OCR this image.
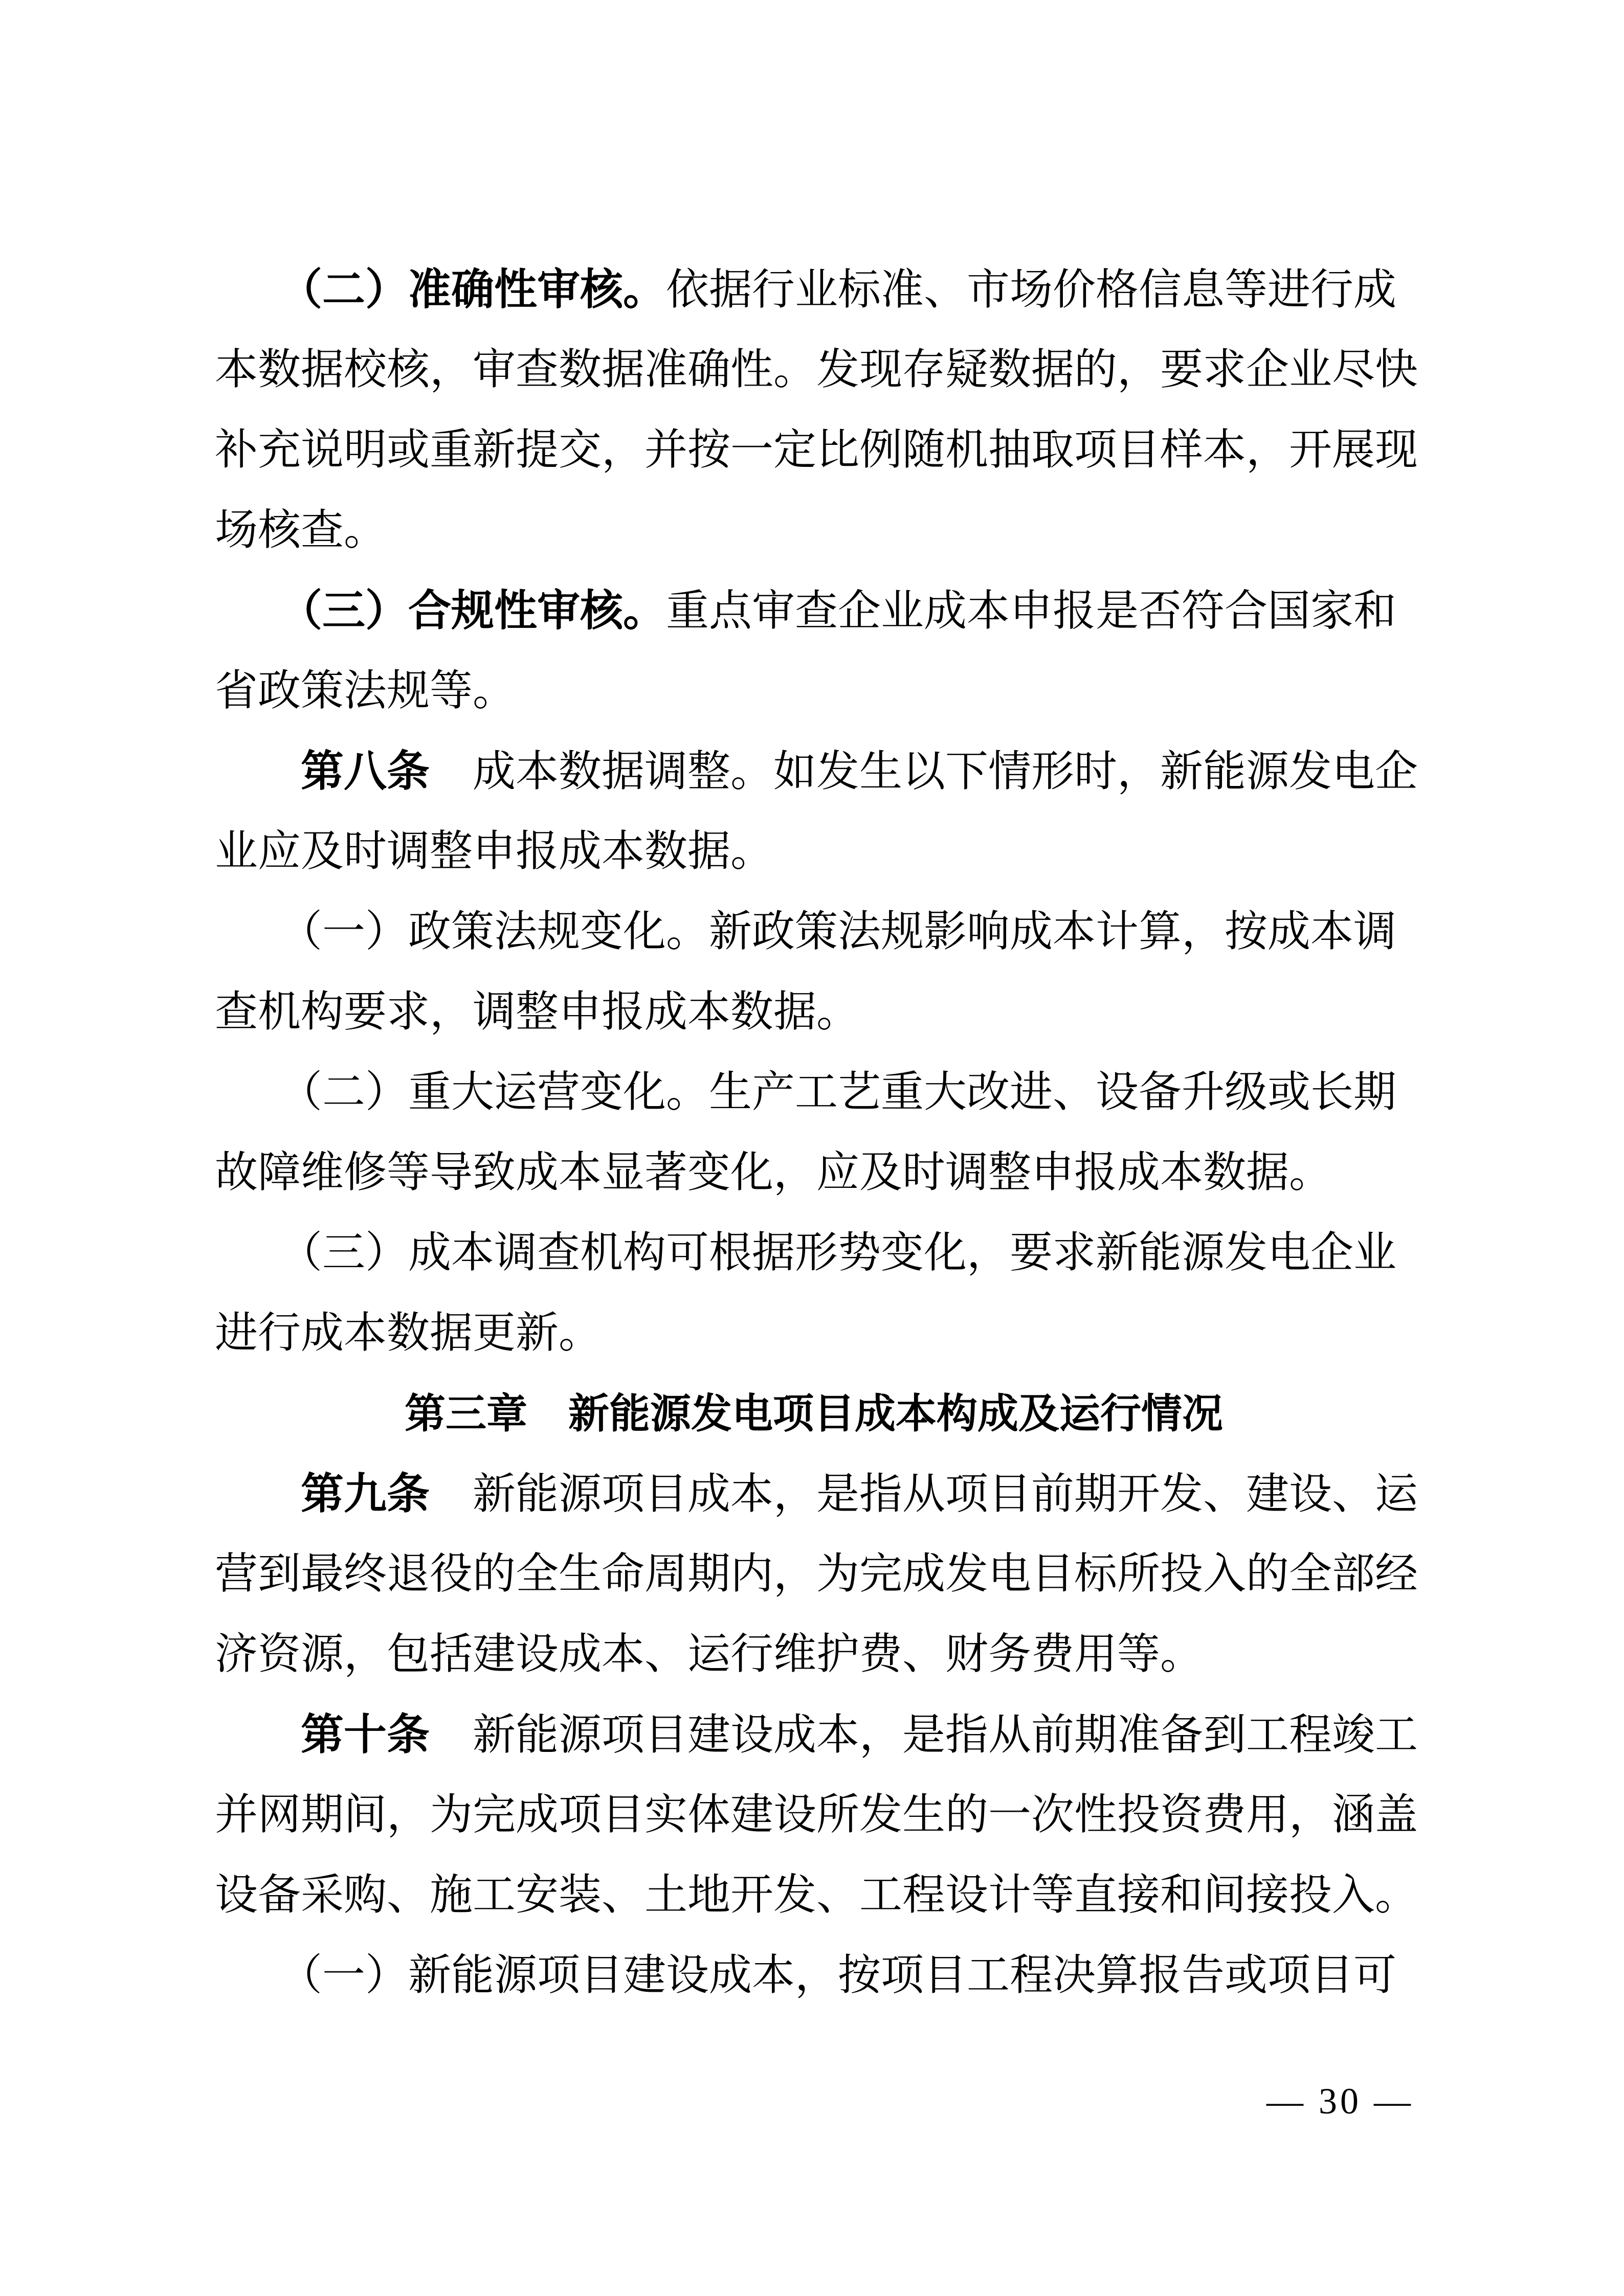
　　（二）准确性审核。依据行业标准、市场价格信息等进行成
本数据校核，审查数据准确性。发现存疑数据的，要求企业尽快
补充说明或重新提交，并按一定比例随机抽取项目样本，开展现
场核查。
　　（三）合规性审核。重点审查企业成本申报是否符合国家和
省政策法规等。
　　第八条　成本数据调整。如发生以下情形时，新能源发电企
业应及时调整申报成本数据。
　　（一）政策法规变化。新政策法规影响成本计算，按成本调
查机构要求，调整申报成本数据。
　　（二）重大运营变化。生产工艺重大改进、设备升级或长期
故障维修等导致成本显著变化，应及时调整申报成本数据。
　　（三）成本调查机构可根据形势变化，要求新能源发电企业
进行成本数据更新。
第三章　新能源发电项目成本构成及运行情况
　　第九条　新能源项目成本，是指从项目前期开发、建设、运
营到最终退役的全生命周期内，为完成发电目标所投入的全部经
济资源，包括建设成本、运行维护费、财务费用等。
　　第十条　新能源项目建设成本，是指从前期准备到工程竣工
并网期间，为完成项目实体建设所发生的一次性投资费用，涵盖
设备采购、施工安装、土地开发、工程设计等直接和间接投入。
　　（一）新能源项目建设成本，按项目工程决算报告或项目可
— 30 —
